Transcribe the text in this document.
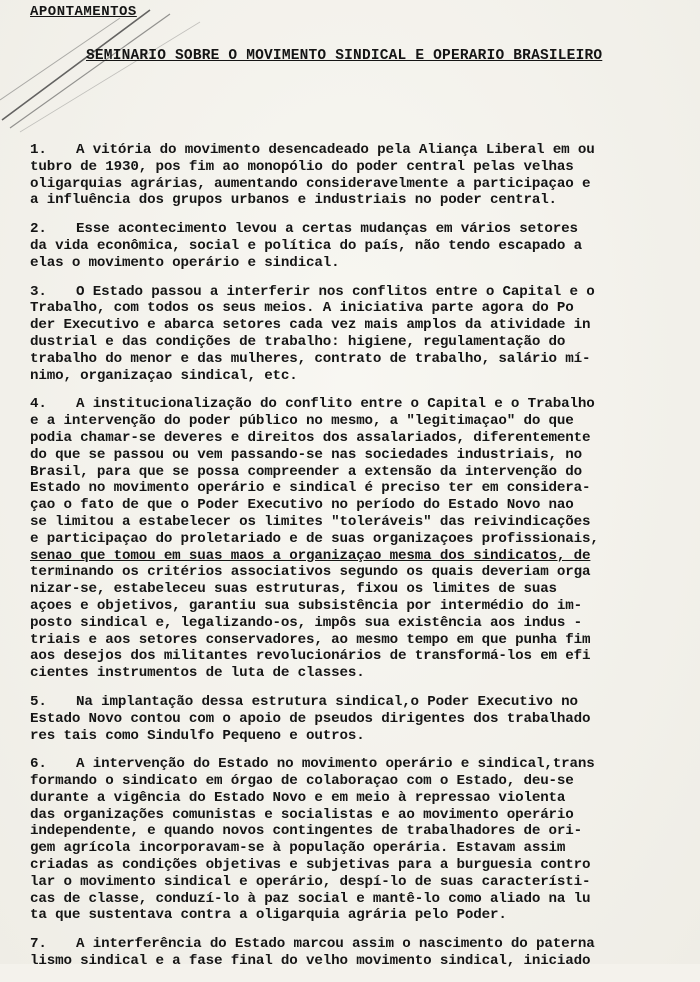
APONTAMENTOS
SEMINARIO SOBRE O MOVIMENTO SINDICAL E OPERARIO BRASILEIRO
1. A vitória do movimento desencadeado pela Aliança Liberal em ou
tubro de 1930, pos fim ao monopólio do poder central pelas velhas
oligarquias agrárias, aumentando consideravelmente a participaçao e
a influência dos grupos urbanos e industriais no poder central.
2. Esse acontecimento levou a certas mudanças em vários setores
da vida econômica, social e política do país, não tendo escapado a
elas o movimento operário e sindical.
3. O Estado passou a interferir nos conflitos entre o Capital e o
Trabalho, com todos os seus meios. A iniciativa parte agora do Po
der Executivo e abarca setores cada vez mais amplos da atividade in
dustrial e das condições de trabalho: higiene, regulamentação do
trabalho do menor e das mulheres, contrato de trabalho, salário mí-
nimo, organizaçao sindical, etc.
4. A institucionalização do conflito entre o Capital e o Trabalho
e a intervenção do poder público no mesmo, a "legitimaçao" do que
podia chamar-se deveres e direitos dos assalariados, diferentemente
do que se passou ou vem passando-se nas sociedades industriais, no
Brasil, para que se possa compreender a extensão da intervenção do
Estado no movimento operário e sindical é preciso ter em considera-
çao o fato de que o Poder Executivo no período do Estado Novo nao
se limitou a estabelecer os limites "toleráveis" das reivindicações
e participaçao do proletariado e de suas organizaçoes profissionais,
senao que tomou em suas maos a organizaçao mesma dos sindicatos, de
terminando os critérios associativos segundo os quais deveriam orga
nizar-se, estabeleceu suas estruturas, fixou os limites de suas
açoes e objetivos, garantiu sua subsistência por intermédio do im-
posto sindical e, legalizando-os, impôs sua existência aos indus -
triais e aos setores conservadores, ao mesmo tempo em que punha fim
aos desejos dos militantes revolucionários de transformá-los em efi
cientes instrumentos de luta de classes.
5. Na implantação dessa estrutura sindical,o Poder Executivo no
Estado Novo contou com o apoio de pseudos dirigentes dos trabalhado
res tais como Sindulfo Pequeno e outros.
6. A intervenção do Estado no movimento operário e sindical,trans
formando o sindicato em órgao de colaboraçao com o Estado, deu-se
durante a vigência do Estado Novo e em meio à repressao violenta
das organizações comunistas e socialistas e ao movimento operário
independente, e quando novos contingentes de trabalhadores de ori-
gem agrícola incorporavam-se à população operária. Estavam assim
criadas as condições objetivas e subjetivas para a burguesia contro
lar o movimento sindical e operário, despí-lo de suas característi-
cas de classe, conduzí-lo à paz social e mantê-lo como aliado na lu
ta que sustentava contra a oligarquia agrária pelo Poder.
7. A interferência do Estado marcou assim o nascimento do paterna
lismo sindical e a fase final do velho movimento sindical, iniciado
